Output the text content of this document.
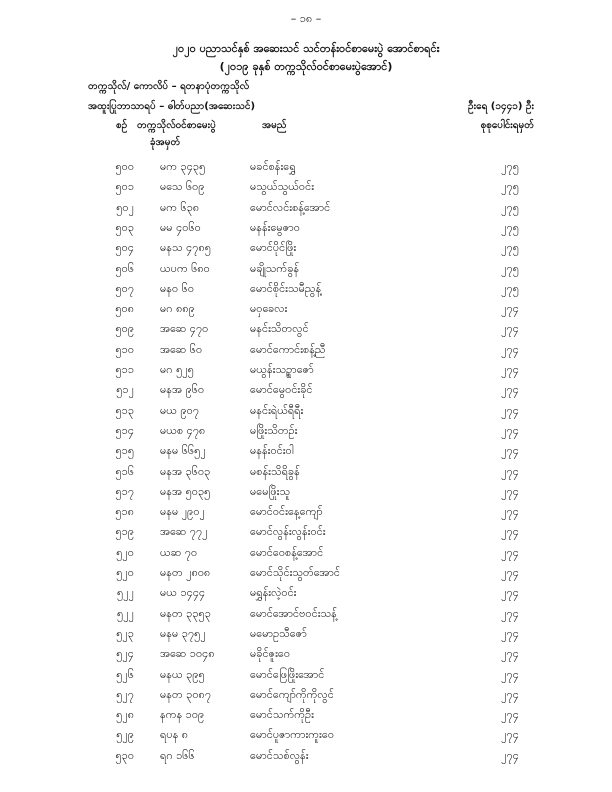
– ၁၈ –
၂၀၂၀ ပညာသင်နှစ် အဆေးသင် သင်တန်းဝင်စာမေးပွဲ အောင်စာရင်း
(၂၀၁၉ ခုနှစ် တက္ကသိုလ်ဝင်စာမေးပွဲအောင်)
တက္ကသိုလ်/ ကောလိပ် – ရတနာပုံတက္ကသိုလ်
အထူးပြုဘာသာရပ် – ဓါတ်ပညာ(အဆေးသင်)	ဦးရေ (၁၄၄၁) ဦး
စဉ် တက္ကသိုလ်ဝင်စာမေးပွဲ	အမည်	စုစုပေါင်းရမှတ်
ခုံအမှတ်
၅၀၀ မက ၃၄၃၅	မခင်စန်းရွှေ	၂၇၅
၅၀၁ မသေ ၆၀၉	မသွယ်သွယ်ဝင်း	၂၇၅
၅၀၂ မက ၆၃၈	မောင်လင်းစန့်အောင်	၂၇၅
၅၀၃ မမ ၄၀၆၀	မနန်းမွေဇာဝ	၂၇၅
၅၀၄ မနသ ၄၇၈၅	မောင်ပိုင်ဖြိုး	၂၇၅
၅၀၆ ယပက ၆၈၀	မချိုသက်ခွန်	၂၇၅
၅၀၇ မနဝ ၆၀	မောင်စိုင်းသမီညွန့်	၂၇၅
၅၀၈ မဂ ၈၈၉	မဝှခေလး	၂၇၄
၅၀၉ အဆေ ၄၇၀	မနင်းသိတလွင်	၂၇၄
၅၁၀ အဆေ ၆၀	မောင်ကောင်းစန့်ညီ	၂၇၄
၅၁၁ မဂ ၅၂၅	မယွန်းသဥ္စာဇော်	၂၇၄
၅၁၂ မနအ ၉၆၀	မောင်မွေဝင်းခိုင်	၂၇၄
၅၁၃ မယ ၉၀၇	မနင်းရဲယ်ရီရီး	၂၇၄
၅၁၄ မယစ ၄၇၈	မဖြိုးသိတဉ်း	၂၇၄
၅၁၅ မနမ ၆၆၅၂	မနန်းဝင်းဝါ	၂၇၄
၅၁၆ မနအ ၃၆၀၃	မစန်းသိရိခွန်	၂၇၄
၅၁၇ မနအ ၅၀၃၅	မမေဖြိုးသူ	၂၇၄
၅၁၈ မနမ ၂၉၀၂	မောင်ဝင်းနေ့ကျော်	၂၇၄
၅၁၉ အဆေ ၇၇၂	မောင်လွန်းလွန်းဝင်း	၂၇၄
၅၂၀ ယဆ ၇၀	မောင်ဝေစန့်အောင်	၂၇၄
၅၂၀ မနတ ၂၈၀၈	မောင်သိုင်းသွတ်အောင်	၂၇၄
၅၂၂ မယ ၁၄၄၄	မရွှန်းလဲ့ဝင်း	၂၇၄
၅၂၂ မနတ ၃၃၅၃	မောင်အောင်ဗဝင်းသန့်	၂၇၄
၅၂၃ မနမ ၃၇၅၂	မမောဥသီဇော်	၂၇၄
၅၂၄ အဆေ ၁၀၄၈	မခိုင်ဇူးဝေ	၂၇၄
၅၂၆ မနယ ၃၉၅	မောင်ဖြေဖြိုးအောင်	၂၇၄
၅၂၇ မနတ ၃၀၈၇	မောင်ကျော်ကိုကိုလွင်	၂၇၄
၅၂၈ နကန ၁၀၉	မောင်သက်ကိုဦး	၂၇၄
၅၂၉ ရပန ၈	မောင်ပူဇာကားကူးဝေ	၂၇၄
၅၃၀ ရဂ ၁၆၆	မောင်သစ်လွန်း	၂၇၄
